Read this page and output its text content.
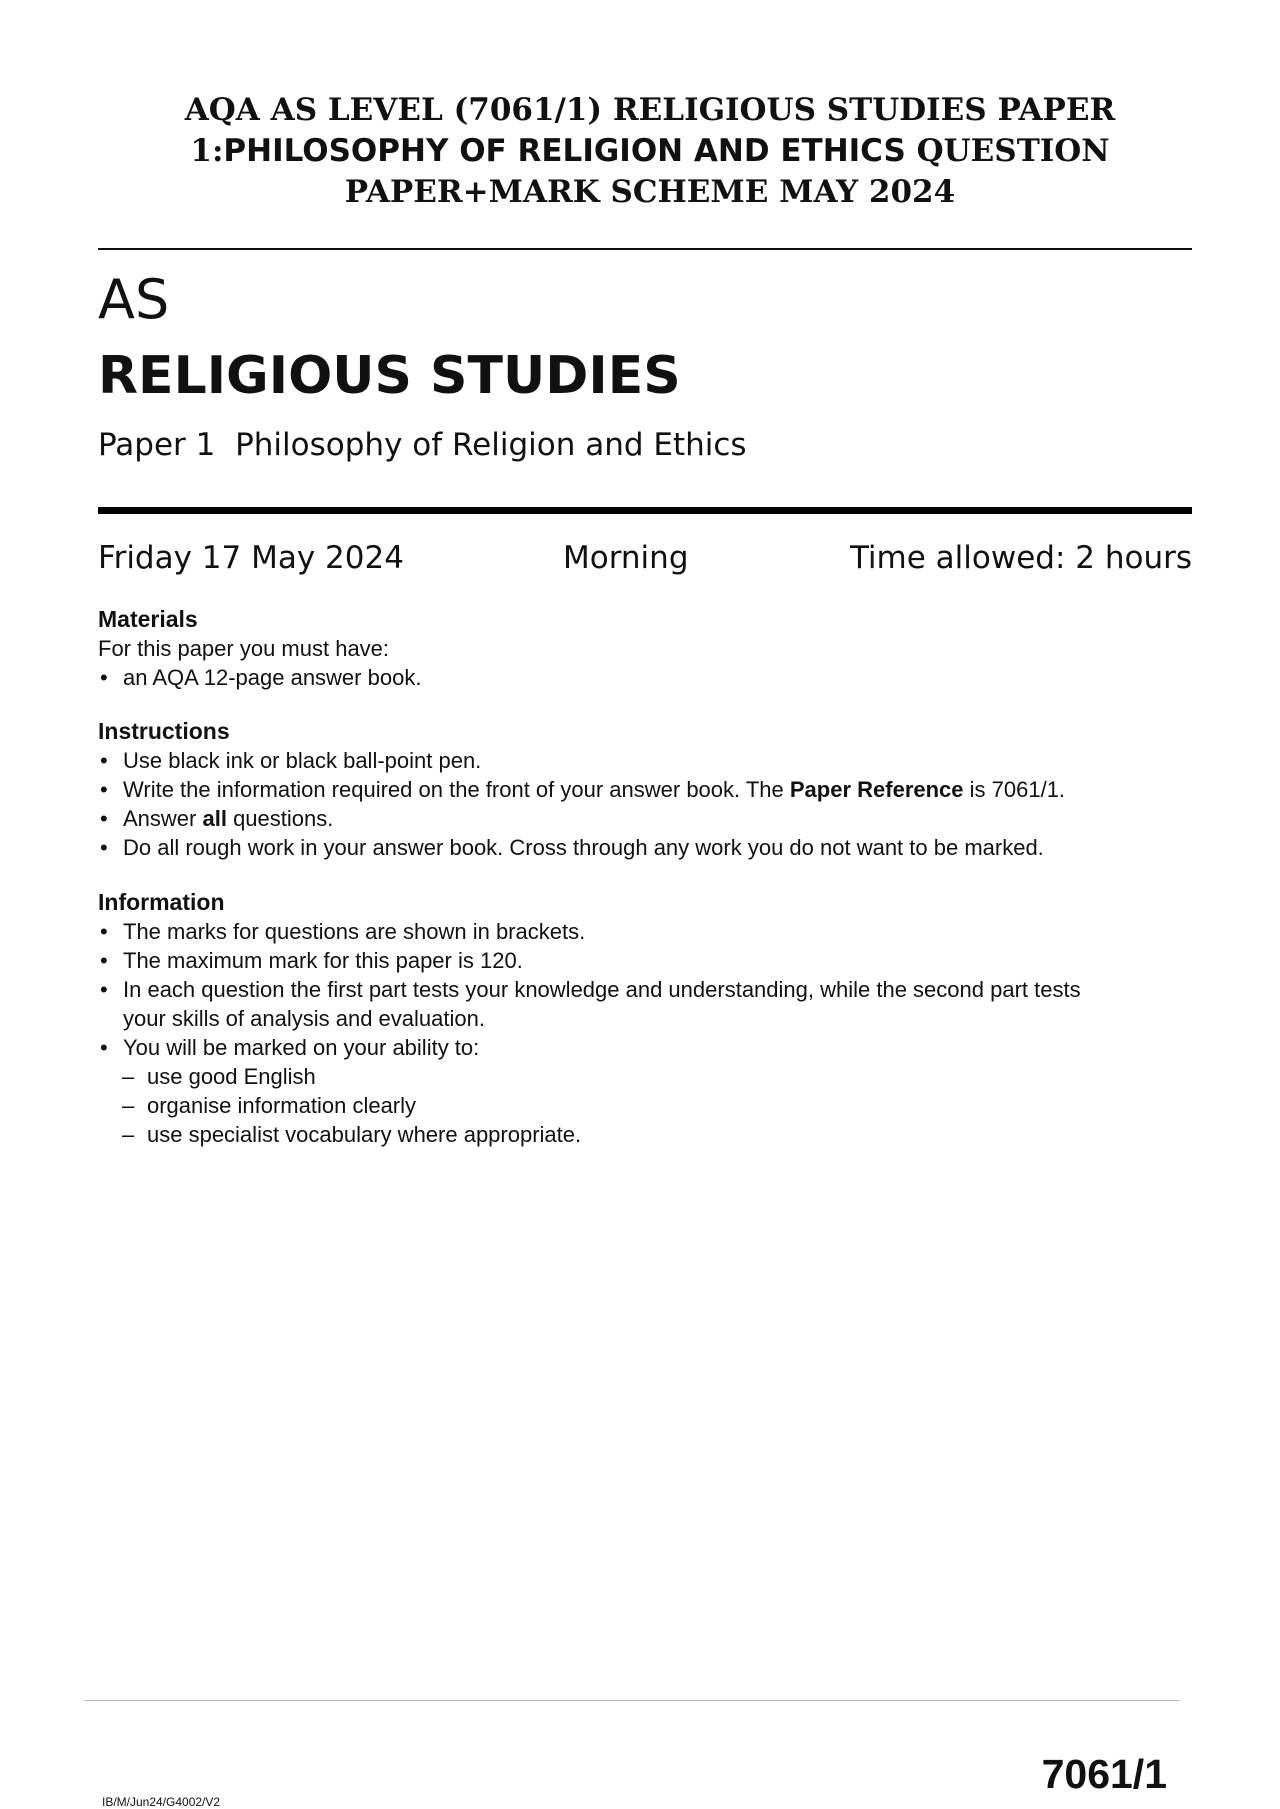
AQA AS LEVEL (7061/1) RELIGIOUS STUDIES PAPER
1:PHILOSOPHY OF RELIGION AND ETHICS QUESTION
PAPER+MARK SCHEME MAY 2024
AS
RELIGIOUS STUDIES
Paper 1 Philosophy of Religion and Ethics
Friday 17 May 2024	Morning	Time allowed: 2 hours
Materials

For this paper you must have:

• an AQA 12-page answer book.
Instructions
• Use black ink or black ball-point pen.
• Write the information required on the front of your answer book. The Paper Reference is 7061/1.
• Answer all questions.
• Do all rough work in your answer book. Cross through any work you do not want to be marked.
Information
• The marks for questions are shown in brackets.
• The maximum mark for this paper is 120.
• In each question the first part tests your knowledge and understanding, while the second part tests
your skills of analysis and evaluation.
• You will be marked on your ability to:
– use good English
– organise information clearly
– use specialist vocabulary where appropriate.
IB/M/Jun24/G4002/V2
7061/1
